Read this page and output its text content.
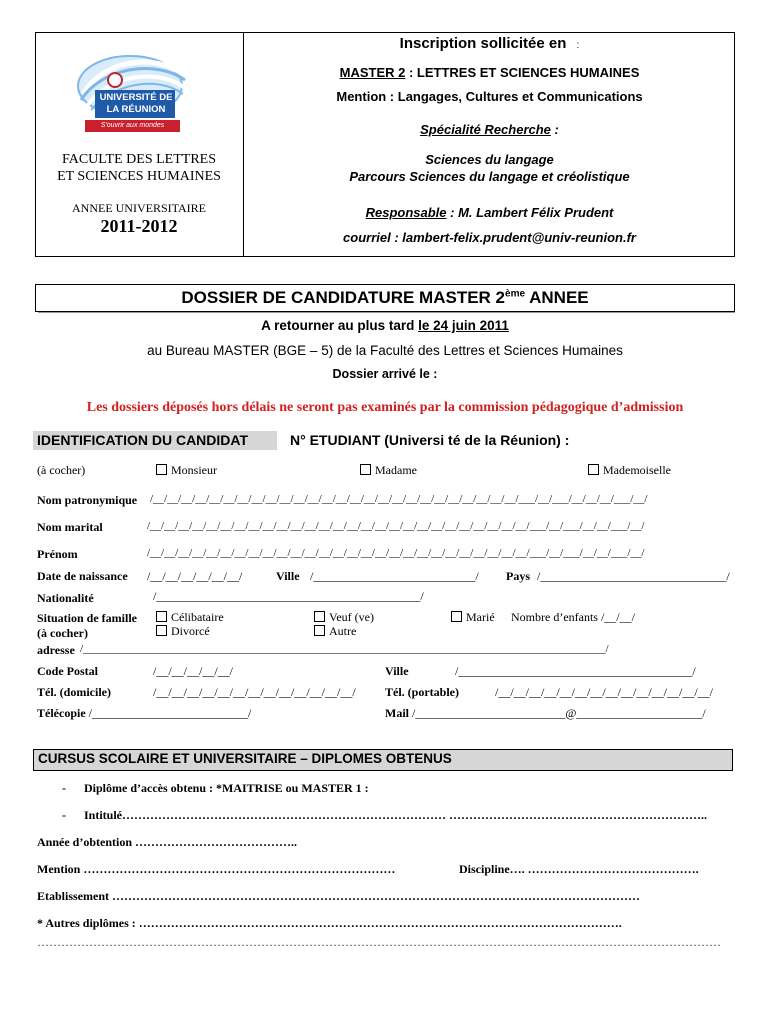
UNIVERSITÉ DE
LA RÉUNION
S'ouvrir aux mondes
FACULTE DES LETTRES
ET SCIENCES HUMAINES
ANNEE UNIVERSITAIRE
2011-2012
Inscription sollicitée en :
MASTER 2 : LETTRES ET SCIENCES HUMAINES
Mention : Langages, Cultures et Communications
Spécialité Recherche :
Sciences du langage
Parcours Sciences du langage et créolistique
Responsable : M. Lambert Félix Prudent
courriel : lambert-felix.prudent@univ-reunion.fr
DOSSIER DE CANDIDATURE MASTER 2ème ANNEE
A retourner au plus tard le 24 juin 2011
au Bureau MASTER (BGE – 5) de la Faculté des Lettres et Sciences Humaines
Dossier arrivé le :
Les dossiers déposés hors délais ne seront pas examinés par la commission pédagogique d’admission
IDENTIFICATION DU CANDIDAT	N° ETUDIANT (Universi té de la Réunion) :
(à cocher)	Monsieur	Madame	Mademoiselle
Nom patronymique /__/__/__/__/__/__/__/__/__/__/__/__/__/__/__/__/__/__/__/__/__/__/__/__/__/__/___/__/___/__/__/__/___/__/
Nom marital	/__/__/__/__/__/__/__/__/__/__/__/__/__/__/__/__/__/__/__/__/__/__/__/__/__/__/__/___/__/___/__/__/___/__/
Prénom	/__/__/__/__/__/__/__/__/__/__/__/__/__/__/__/__/__/__/__/__/__/__/__/__/__/__/__/___/__/___/__/__/___/__/
Date de naissance /__/__/__/__/__/__/	Ville /___________________________/ Pays /_______________________________/
Nationalité	/____________________________________________/
Situation de famille
(à cocher)
Célibataire
Divorcé
Veuf (ve)
Autre
Marié Nombre d’enfants /__/__/
adresse /_______________________________________________________________________________________________/
Code Postal	/__/__/__/__/__/	Ville	/_______________________________________/
Tél. (domicile)	/__/__/__/__/__/__/__/__/__/__/__/__/__/ Tél. (portable)	/__/__/__/__/__/__/__/__/__/__/__/__/__/__/
Télécopie /__________________________/	Mail /_________________________@_____________________/
CURSUS SCOLAIRE ET UNIVERSITAIRE – DIPLOMES OBTENUS
- Diplôme d’accès obtenu : *MAITRISE ou MASTER 1 :
- Intitulé……………………………………………………………………… ………………………………………………………..
Année d’obtention …………………………………..
Mention ……………………………………………………………………	Discipline…. …………………………………….
Etablissement ……………………………………………………………………………………………………………………
* Autres diplômes : ………………………………………………………………………………………………………….
………………………………………………………………………………………………………………………………………………………
